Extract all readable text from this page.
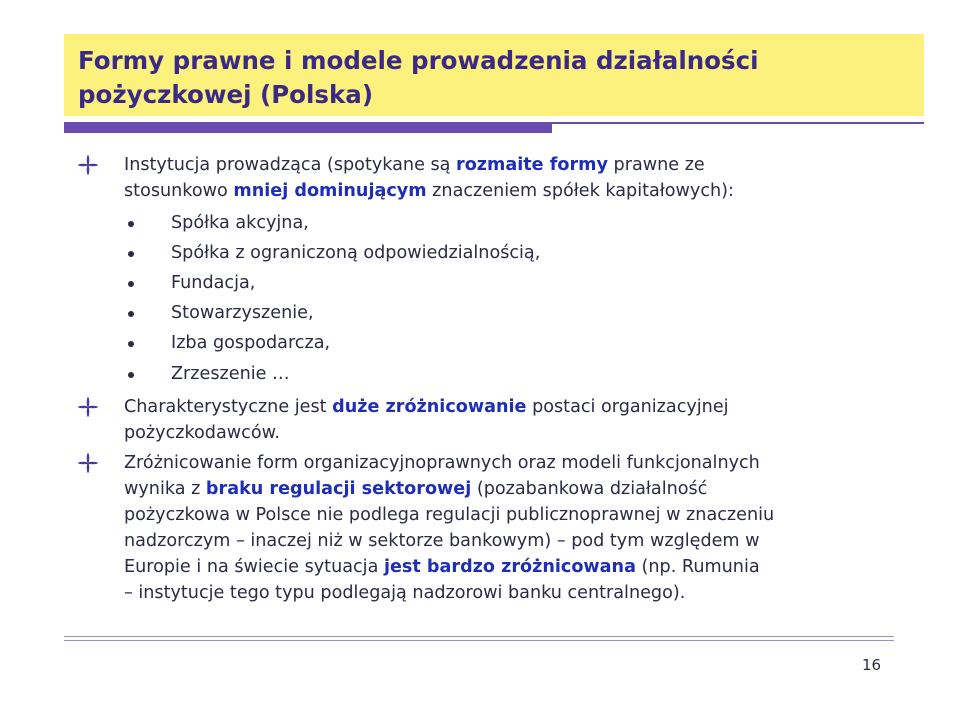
Formy prawne i modele prowadzenia działalności
pożyczkowej (Polska)
Instytucja prowadząca (spotykane są rozmaite formy prawne ze
stosunkowo mniej dominującym znaczeniem spółek kapitałowych):
Spółka akcyjna,
Spółka z ograniczoną odpowiedzialnością,
Fundacja,
Stowarzyszenie,
Izba gospodarcza,
Zrzeszenie …
Charakterystyczne jest duże zróżnicowanie postaci organizacyjnej
pożyczkodawców.
Zróżnicowanie form organizacyjnoprawnych oraz modeli funkcjonalnych
wynika z braku regulacji sektorowej (pozabankowa działalność
pożyczkowa w Polsce nie podlega regulacji publicznoprawnej w znaczeniu
nadzorczym – inaczej niż w sektorze bankowym) – pod tym względem w
Europie i na świecie sytuacja jest bardzo zróżnicowana (np. Rumunia
– instytucje tego typu podlegają nadzorowi banku centralnego).
16
